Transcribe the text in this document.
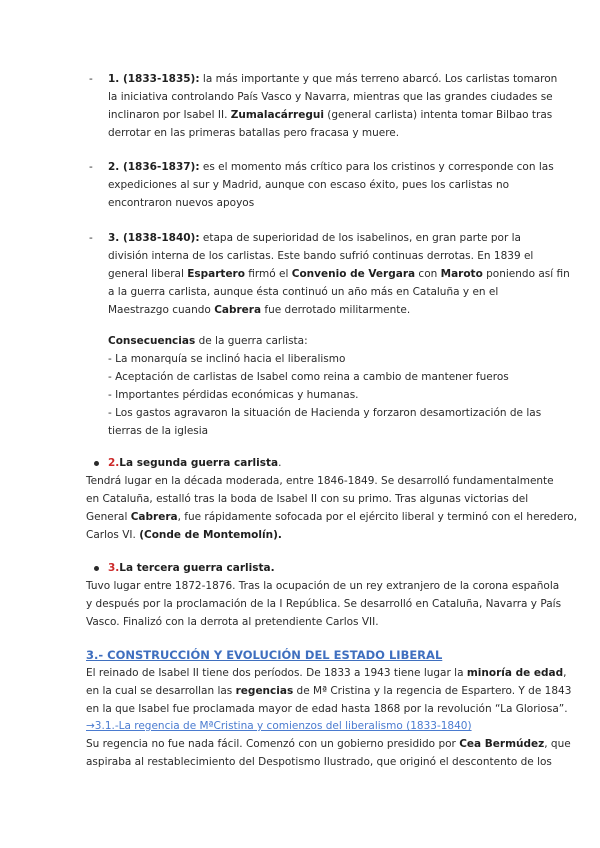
- 1. (1833-1835): la más importante y que más terreno abarcó. Los carlistas tomaron
la iniciativa controlando País Vasco y Navarra, mientras que las grandes ciudades se
inclinaron por Isabel II. Zumalacárregui (general carlista) intenta tomar Bilbao tras
derrotar en las primeras batallas pero fracasa y muere.
- 2. (1836-1837): es el momento más crítico para los cristinos y corresponde con las
expediciones al sur y Madrid, aunque con escaso éxito, pues los carlistas no
encontraron nuevos apoyos
- 3. (1838-1840): etapa de superioridad de los isabelinos, en gran parte por la
división interna de los carlistas. Este bando sufrió continuas derrotas. En 1839 el
general liberal Espartero firmó el Convenio de Vergara con Maroto poniendo así fin
a la guerra carlista, aunque ésta continuó un año más en Cataluña y en el
Maestrazgo cuando Cabrera fue derrotado militarmente.
Consecuencias de la guerra carlista:
- La monarquía se inclinó hacia el liberalismo
- Aceptación de carlistas de Isabel como reina a cambio de mantener fueros
- Importantes pérdidas económicas y humanas.
- Los gastos agravaron la situación de Hacienda y forzaron desamortización de las
tierras de la iglesia
2.La segunda guerra carlista.
Tendrá lugar en la década moderada, entre 1846-1849. Se desarrolló fundamentalmente
en Cataluña, estalló tras la boda de Isabel II con su primo. Tras algunas victorias del
General Cabrera, fue rápidamente sofocada por el ejército liberal y terminó con el heredero,
Carlos VI. (Conde de Montemolín).
3.La tercera guerra carlista.
Tuvo lugar entre 1872-1876. Tras la ocupación de un rey extranjero de la corona española
y después por la proclamación de la I República. Se desarrolló en Cataluña, Navarra y País
Vasco. Finalizó con la derrota al pretendiente Carlos VII.
3.- CONSTRUCCIÓN Y EVOLUCIÓN DEL ESTADO LIBERAL
El reinado de Isabel II tiene dos períodos. De 1833 a 1943 tiene lugar la minoría de edad,
en la cual se desarrollan las regencias de Mª Cristina y la regencia de Espartero. Y de 1843
en la que Isabel fue proclamada mayor de edad hasta 1868 por la revolución “La Gloriosa”.
→3.1.-La regencia de MªCristina y comienzos del liberalismo (1833-1840)
Su regencia no fue nada fácil. Comenzó con un gobierno presidido por Cea Bermúdez, que
aspiraba al restablecimiento del Despotismo Ilustrado, que originó el descontento de los
